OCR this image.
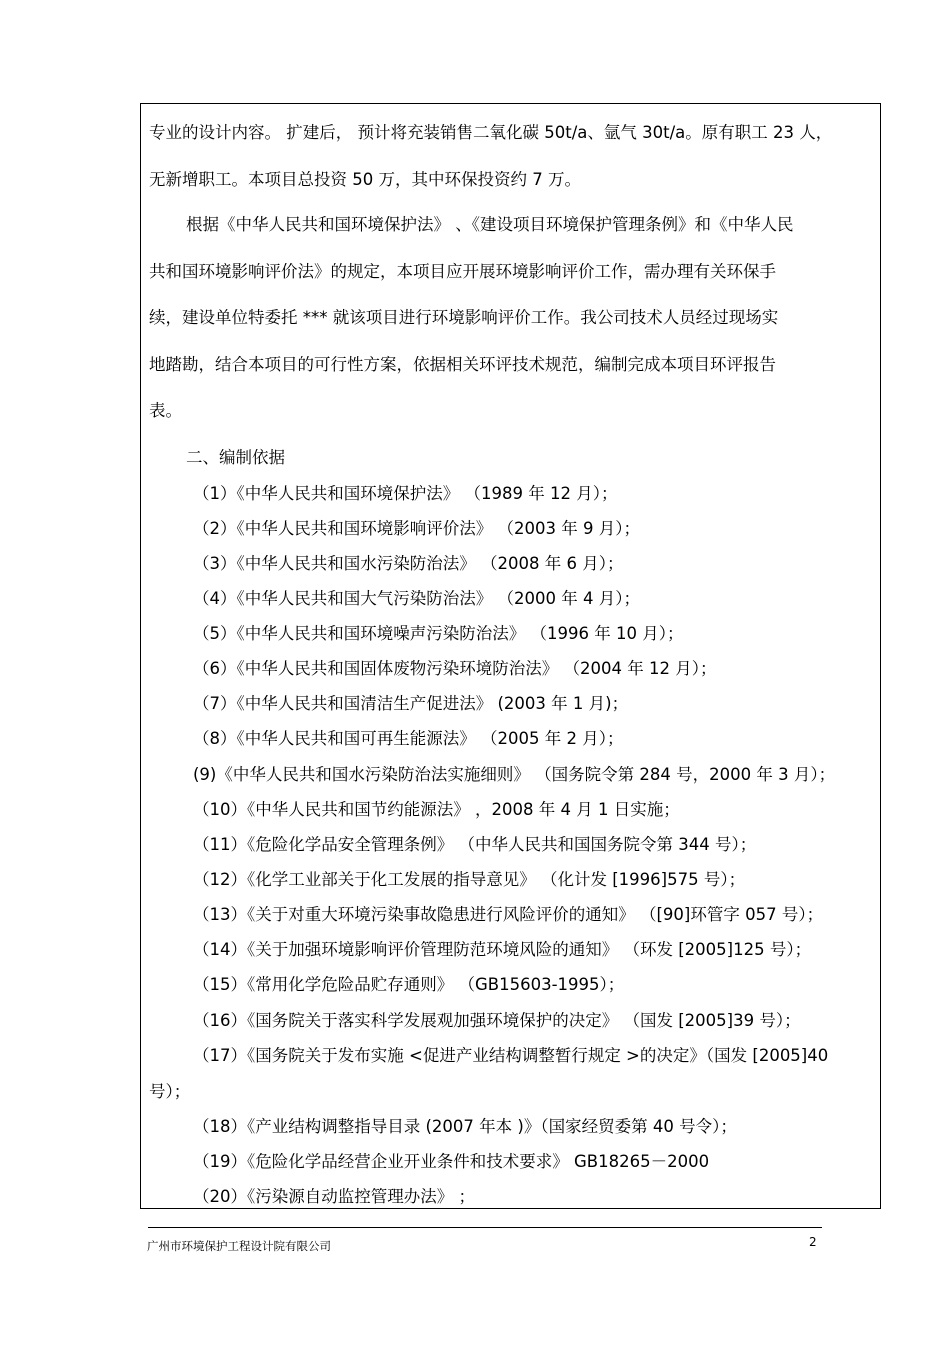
专业的设计内容。 扩建后， 预计将充装销售二氧化碳 50t/a、氩气 30t/a。原有职工 23 人，
无新增职工。本项目总投资 50 万，其中环保投资约 7 万。
根据《中华人民共和国环境保护法》 、《建设项目环境保护管理条例》和《中华人民
共和国环境影响评价法》的规定，本项目应开展环境影响评价工作，需办理有关环保手
续，建设单位特委托 *** 就该项目进行环境影响评价工作。我公司技术人员经过现场实
地踏勘，结合本项目的可行性方案，依据相关环评技术规范，编制完成本项目环评报告
表。
二、编制依据
（1）《中华人民共和国环境保护法》 （1989 年 12 月）；
（2）《中华人民共和国环境影响评价法》 （2003 年 9 月）；
（3）《中华人民共和国水污染防治法》 （2008 年 6 月）；
（4）《中华人民共和国大气污染防治法》 （2000 年 4 月）；
（5）《中华人民共和国环境噪声污染防治法》 （1996 年 10 月）；
（6）《中华人民共和国固体废物污染环境防治法》 （2004 年 12 月）；
（7）《中华人民共和国清洁生产促进法》 (2003 年 1 月)；
（8）《中华人民共和国可再生能源法》 （2005 年 2 月）；
(9)《中华人民共和国水污染防治法实施细则》 （国务院令第 284 号，2000 年 3 月）；
（10）《中华人民共和国节约能源法》 ，2008 年 4 月 1 日实施；
（11）《危险化学品安全管理条例》 （中华人民共和国国务院令第 344 号）；
（12）《化学工业部关于化工发展的指导意见》 （化计发 [1996]575 号）；
（13）《关于对重大环境污染事故隐患进行风险评价的通知》 （[90]环管字 057 号）；
（14）《关于加强环境影响评价管理防范环境风险的通知》 （环发 [2005]125 号）；
（15）《常用化学危险品贮存通则》 （GB15603-1995）；
（16）《国务院关于落实科学发展观加强环境保护的决定》 （国发 [2005]39 号）；
（17）《国务院关于发布实施 <促进产业结构调整暂行规定 >的决定》（国发 [2005]40
号）；
（18）《产业结构调整指导目录 (2007 年本 )》（国家经贸委第 40 号令）；
（19）《危险化学品经营企业开业条件和技术要求》 GB18265－2000
（20）《污染源自动监控管理办法》 ；
广州市环境保护工程设计院有限公司	2
